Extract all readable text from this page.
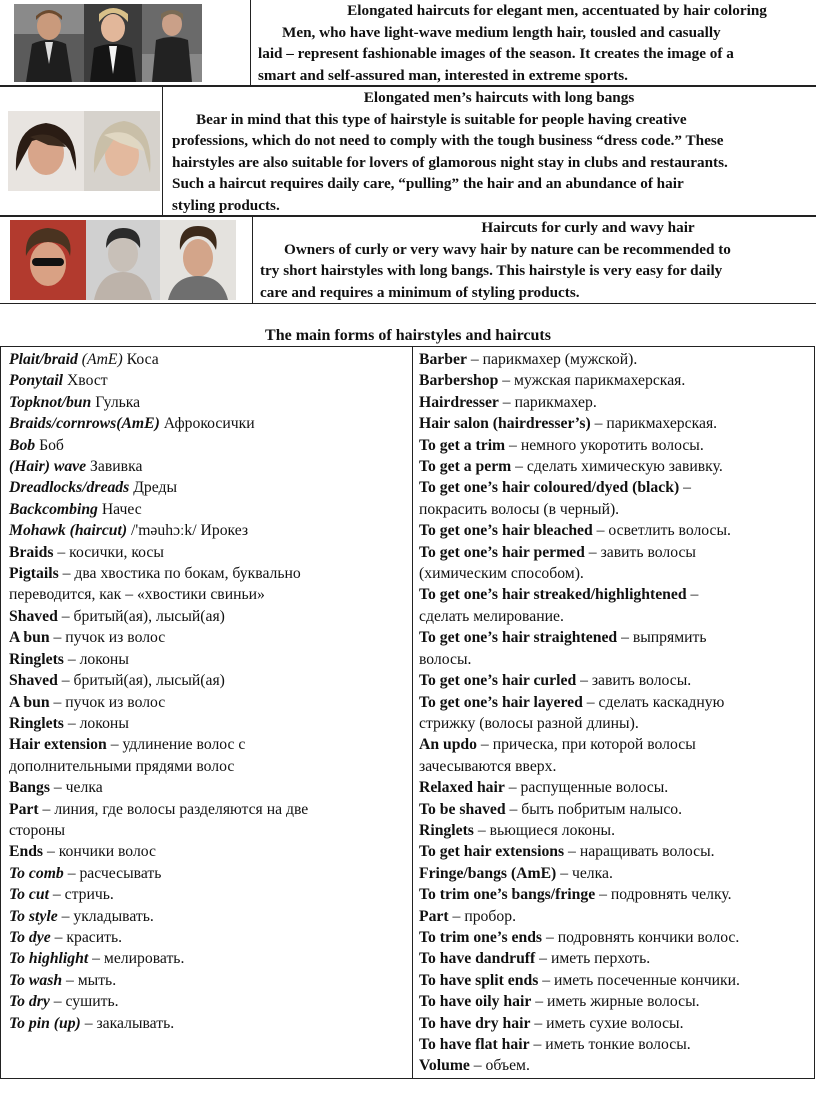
Elongated haircuts for elegant men, accentuated by hair coloring
Men, who have light-wave medium length hair, tousled and casually
laid – represent fashionable images of the season. It creates the image of a
smart and self-assured man, interested in extreme sports.
Elongated men’s haircuts with long bangs
Bear in mind that this type of hairstyle is suitable for people having creative
professions, which do not need to comply with the tough business “dress code.” These
hairstyles are also suitable for lovers of glamorous night stay in clubs and restaurants.
Such a haircut requires daily care, “pulling” the hair and an abundance of hair
styling products.
Haircuts for curly and wavy hair
Owners of curly or very wavy hair by nature can be recommended to
try short hairstyles with long bangs. This hairstyle is very easy for daily
care and requires a minimum of styling products.
The main forms of hairstyles and haircuts
Plait/braid (AmE) Коса
Ponytail Хвост
Topknot/bun Гулька
Braids/cornrows(AmE) Афрокосички
Bob Боб
(Hair) wave Завивка
Dreadlocks/dreads Дреды
Backcombing Начес
Mohawk (haircut) /'məuhɔːk/ Ирокез
Braids – косички, косы
Pigtails – два хвостика по бокам, буквально
переводится, как – «хвостики свиньи»
Shaved – бритый(ая), лысый(ая)
A bun – пучок из волос
Ringlets – локоны
Shaved – бритый(ая), лысый(ая)
A bun – пучок из волос
Ringlets – локоны
Hair extension – удлинение волос с
дополнительными прядями волос
Bangs – челка
Part – линия, где волосы разделяются на две
стороны
Ends – кончики волос
To comb – расчесывать
To cut – стричь.
To style – укладывать.
To dye – красить.
To highlight – мелировать.
To wash – мыть.
To dry – сушить.
To pin (up) – закалывать.
Barber – парикмахер (мужской).
Barbershop – мужская парикмахерская.
Hairdresser – парикмахер.
Hair salon (hairdresser’s) – парикмахерская.
To get a trim – немного укоротить волосы.
To get a perm – сделать химическую завивку.
To get one’s hair coloured/dyed (black) –
покрасить волосы (в черный).
To get one’s hair bleached – осветлить волосы.
To get one’s hair permed – завить волосы
(химическим способом).
To get one’s hair streaked/highlightened –
сделать мелирование.
To get one’s hair straightened – выпрямить
волосы.
To get one’s hair curled – завить волосы.
To get one’s hair layered – сделать каскадную
стрижку (волосы разной длины).
An updo – прическа, при которой волосы
зачесываются вверх.
Relaxed hair – распущенные волосы.
To be shaved – быть побритым налысо.
Ringlets – вьющиеся локоны.
To get hair extensions – наращивать волосы.
Fringe/bangs (AmE) – челка.
To trim one’s bangs/fringe – подровнять челку.
Part – пробор.
To trim one’s ends – подровнять кончики волос.
To have dandruff – иметь перхоть.
To have split ends – иметь посеченные кончики.
To have oily hair – иметь жирные волосы.
To have dry hair – иметь сухие волосы.
To have flat hair – иметь тонкие волосы.
Volume – объем.
